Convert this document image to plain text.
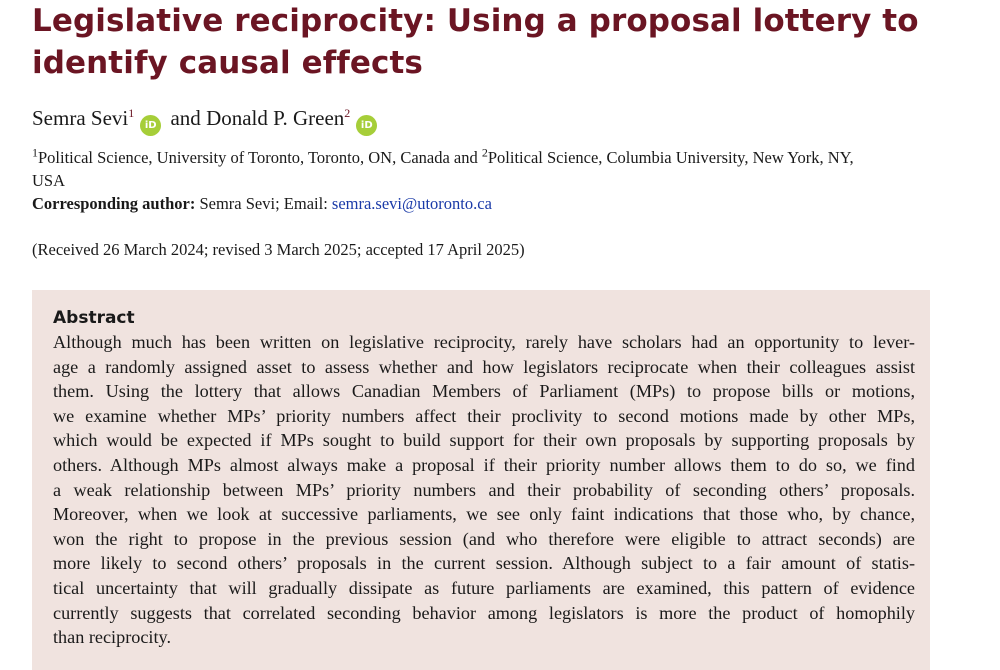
Legislative reciprocity: Using a proposal lottery to identify causal effects
Semra Sevi$^1$iD and Donald P. Green$^2$iD
$^1$Political Science, University of Toronto, Toronto, ON, Canada and $^2$Political Science, Columbia University, New York, NY,
USA
Corresponding author: Semra Sevi; Email: semra.sevi@utoronto.ca
(Received 26 March 2024; revised 3 March 2025; accepted 17 April 2025)
Abstract
Although much has been written on legislative reciprocity, rarely have scholars had an opportunity to lever-
age a randomly assigned asset to assess whether and how legislators reciprocate when their colleagues assist
them. Using the lottery that allows Canadian Members of Parliament (MPs) to propose bills or motions,
we examine whether MPs’ priority numbers affect their proclivity to second motions made by other MPs,
which would be expected if MPs sought to build support for their own proposals by supporting proposals by
others. Although MPs almost always make a proposal if their priority number allows them to do so, we find
a weak relationship between MPs’ priority numbers and their probability of seconding others’ proposals.
Moreover, when we look at successive parliaments, we see only faint indications that those who, by chance,
won the right to propose in the previous session (and who therefore were eligible to attract seconds) are
more likely to second others’ proposals in the current session. Although subject to a fair amount of statis-
tical uncertainty that will gradually dissipate as future parliaments are examined, this pattern of evidence
currently suggests that correlated seconding behavior among legislators is more the product of homophily
than reciprocity.
